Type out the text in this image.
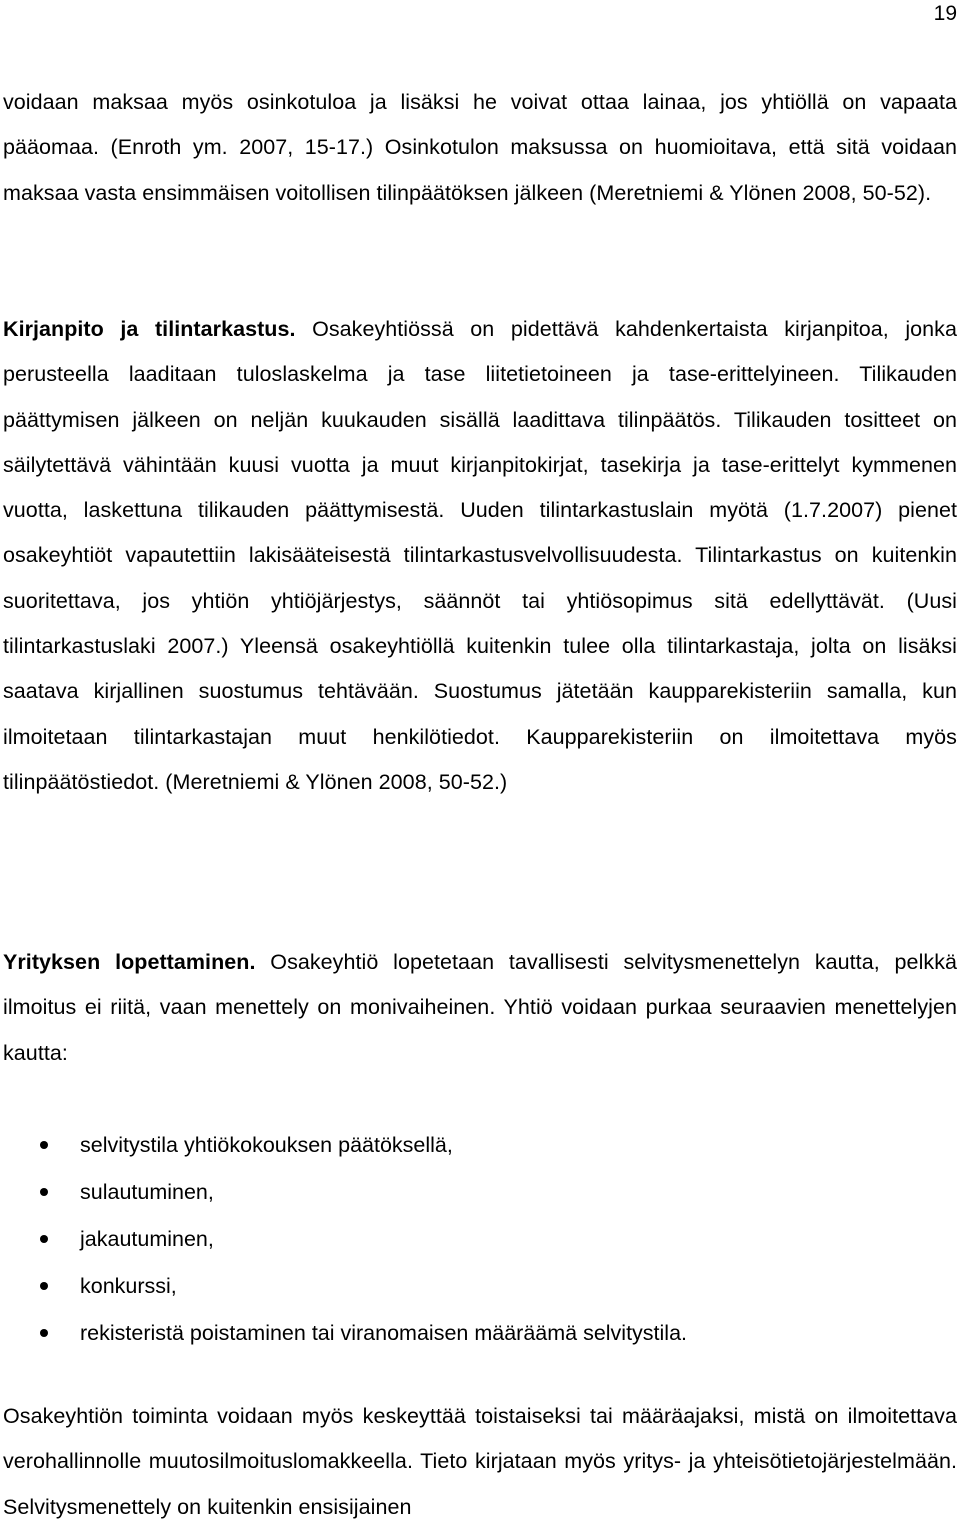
19

voidaan maksaa myös osinkotuloa ja lisäksi he voivat ottaa lainaa, jos yhtiöllä on vapaata pääomaa. (Enroth ym. 2007, 15-17.) Osinkotulon maksussa on huomioitava, että sitä voidaan maksaa vasta ensimmäisen voitollisen tilinpäätöksen jälkeen (Meretniemi & Ylönen 2008, 50-52).

Kirjanpito ja tilintarkastus. Osakeyhtiössä on pidettävä kahdenkertaista kirjanpitoa, jonka perusteella laaditaan tuloslaskelma ja tase liitetietoineen ja tase-erittelyineen. Tilikauden päättymisen jälkeen on neljän kuukauden sisällä laadittava tilinpäätös. Tilikauden tositteet on säilytettävä vähintään kuusi vuotta ja muut kirjanpitokirjat, tasekirja ja tase-erittelyt kymmenen vuotta, laskettuna tilikauden päättymisestä. Uuden tilintarkastuslain myötä (1.7.2007) pienet osakeyhtiöt vapautettiin lakisääteisestä tilintarkastusvelvollisuudesta. Tilintarkastus on kuitenkin suoritettava, jos yhtiön yhtiöjärjestys, säännöt tai yhtiösopimus sitä edellyttävät. (Uusi tilintarkastuslaki 2007.) Yleensä osakeyhtiöllä kuitenkin tulee olla tilintarkastaja, jolta on lisäksi saatava kirjallinen suostumus tehtävään. Suostumus jätetään kaupparekisteriin samalla, kun ilmoitetaan tilintarkastajan muut henkilötiedot. Kaupparekisteriin on ilmoitettava myös tilinpäätöstiedot. (Meretniemi & Ylönen 2008, 50-52.)

Yrityksen lopettaminen. Osakeyhtiö lopetetaan tavallisesti selvitysmenettelyn kautta, pelkkä ilmoitus ei riitä, vaan menettely on monivaiheinen. Yhtiö voidaan purkaa seuraavien menettelyjen kautta:

selvitystila yhtiökokouksen päätöksellä,
sulautuminen,
jakautuminen,
konkurssi,
rekisteristä poistaminen tai viranomaisen määräämä selvitystila.

Osakeyhtiön toiminta voidaan myös keskeyttää toistaiseksi tai määräajaksi, mistä on ilmoitettava verohallinnolle muutosilmoituslomakkeella. Tieto kirjataan myös yritys- ja yhteisötietojärjestelmään. Selvitysmenettely on kuitenkin ensisijainen
